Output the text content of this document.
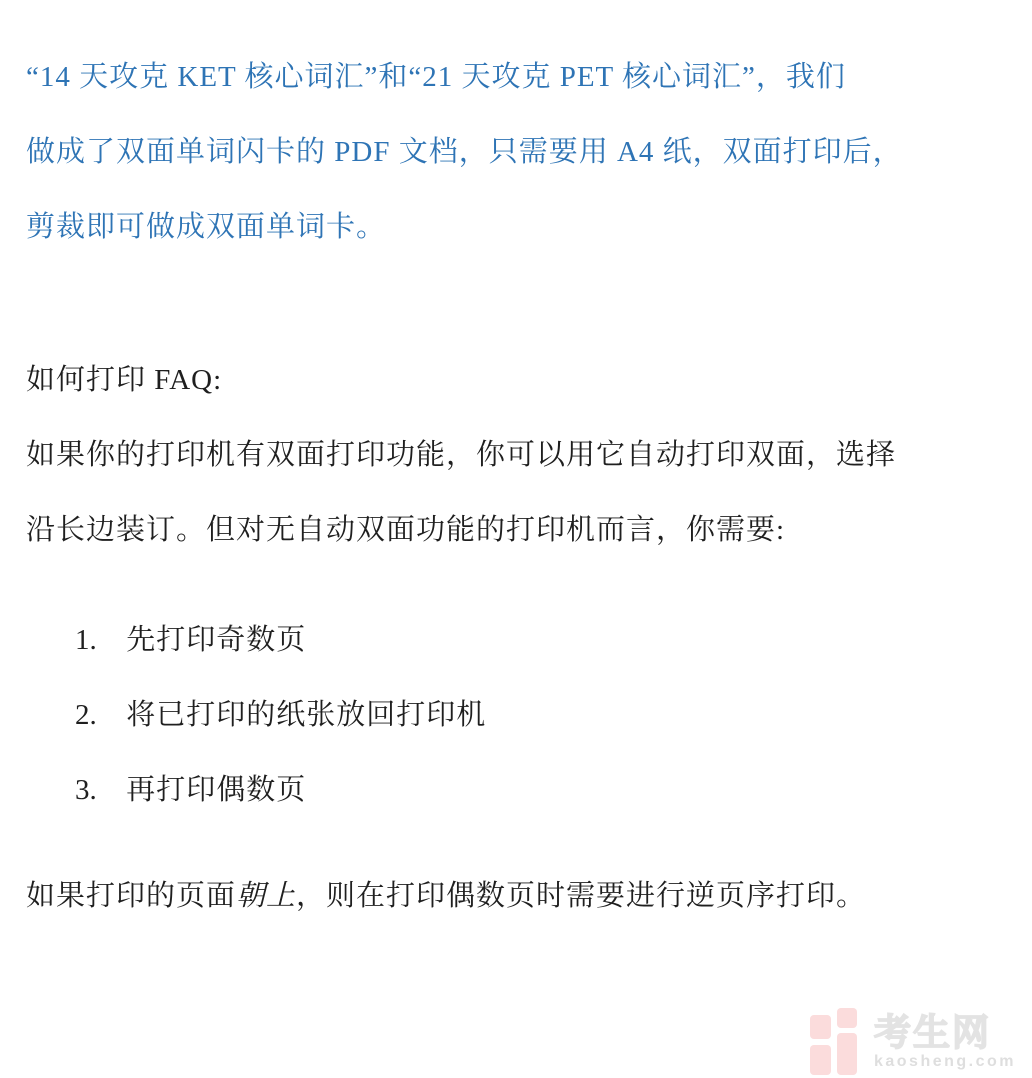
“14 天攻克 KET 核心词汇”和“21 天攻克 PET 核心词汇”，我们
做成了双面单词闪卡的 PDF 文档，只需要用 A4 纸，双面打印后，
剪裁即可做成双面单词卡。
如何打印 FAQ:
如果你的打印机有双面打印功能，你可以用它自动打印双面，选择
沿长边装订。但对无自动双面功能的打印机而言，你需要:
1. 先打印奇数页
2. 将已打印的纸张放回打印机
3. 再打印偶数页
如果打印的页面朝上，则在打印偶数页时需要进行逆页序打印。
考生网
kaosheng.com
